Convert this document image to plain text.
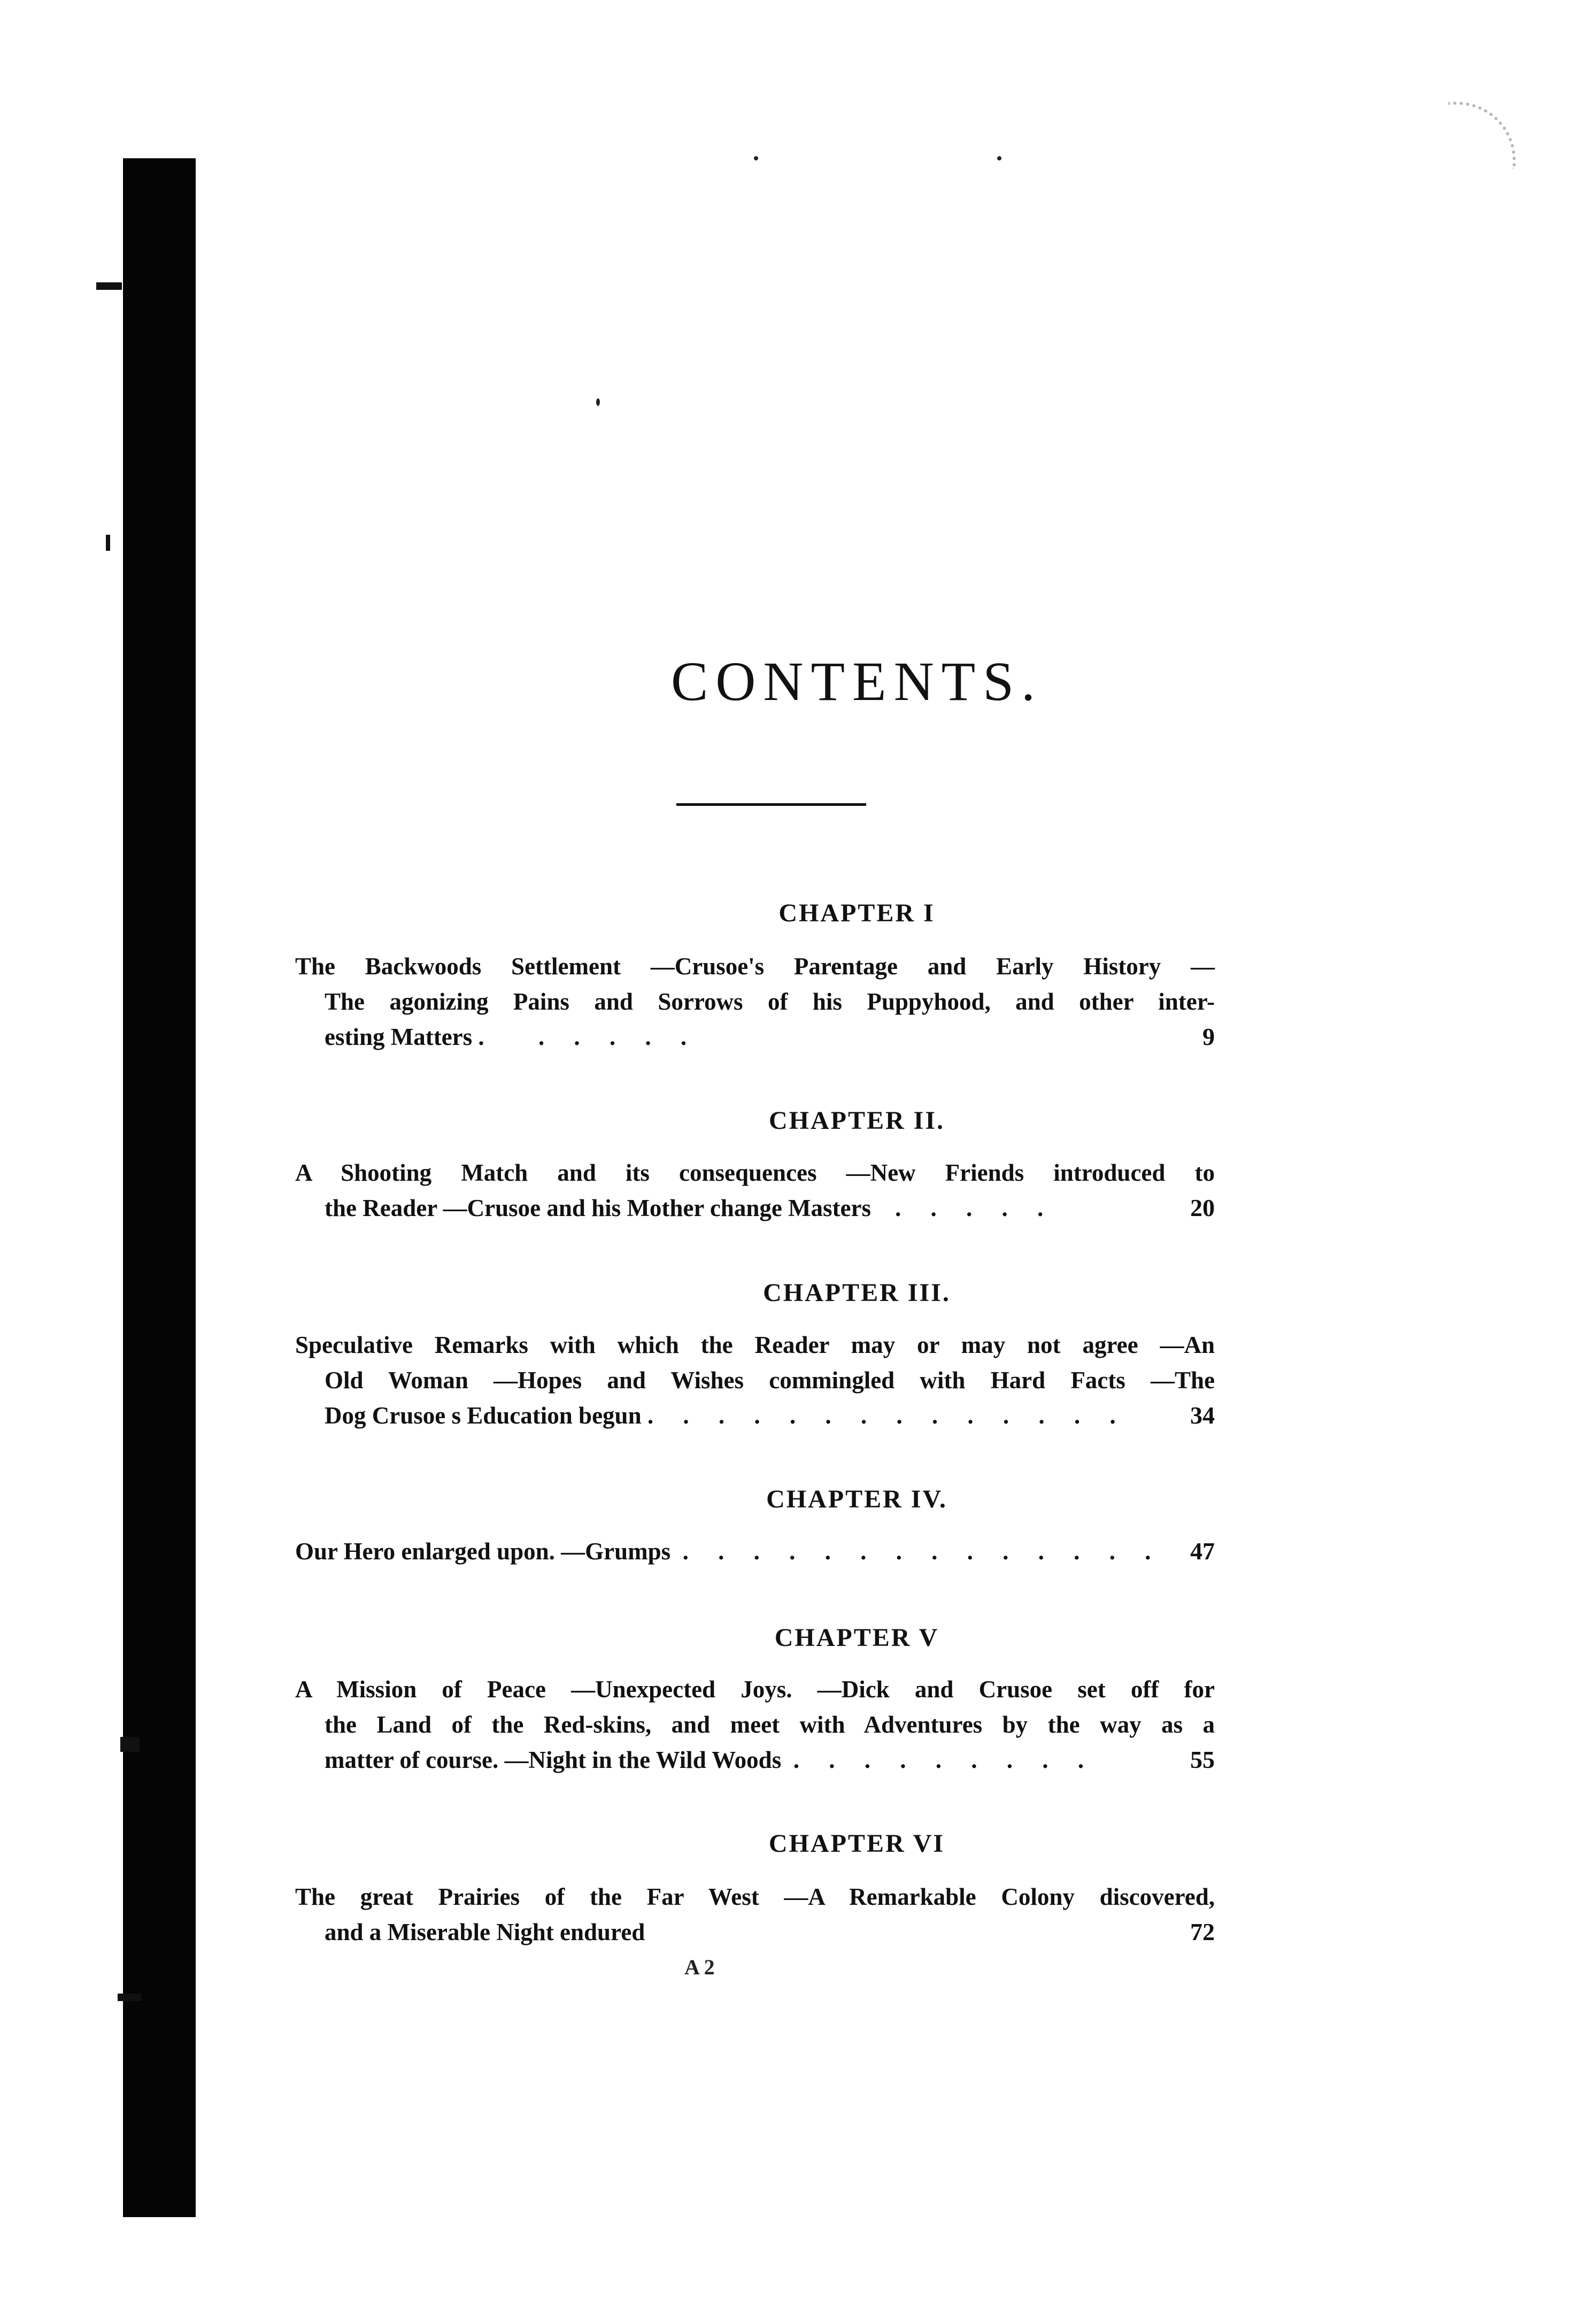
CONTENTS.
CHAPTER I
The Backwoods Settlement —Crusoe's Parentage and Early History —
The agonizing Pains and Sorrows of his Puppyhood, and other inter-
esting Matters . . . . . .	9
CHAPTER II.
A Shooting Match and its consequences —New Friends introduced to
the Reader —Crusoe and his Mother change Masters . . . . .	20
CHAPTER III.
Speculative Remarks with which the Reader may or may not agree —An
Old Woman —Hopes and Wishes commingled with Hard Facts —The
Dog Crusoe s Education begun . . . . . . . . . . . . . .	34
CHAPTER IV.
Our Hero enlarged upon. —Grumps . . . . . . . . . . . . . .	47
CHAPTER V
A Mission of Peace —Unexpected Joys. —Dick and Crusoe set off for
the Land of the Red-skins, and meet with Adventures by the way as a
matter of course. —Night in the Wild Woods . . . . . . . . .	55
CHAPTER VI
The great Prairies of the Far West —A Remarkable Colony discovered,
and a Miserable Night endured	72
A 2
